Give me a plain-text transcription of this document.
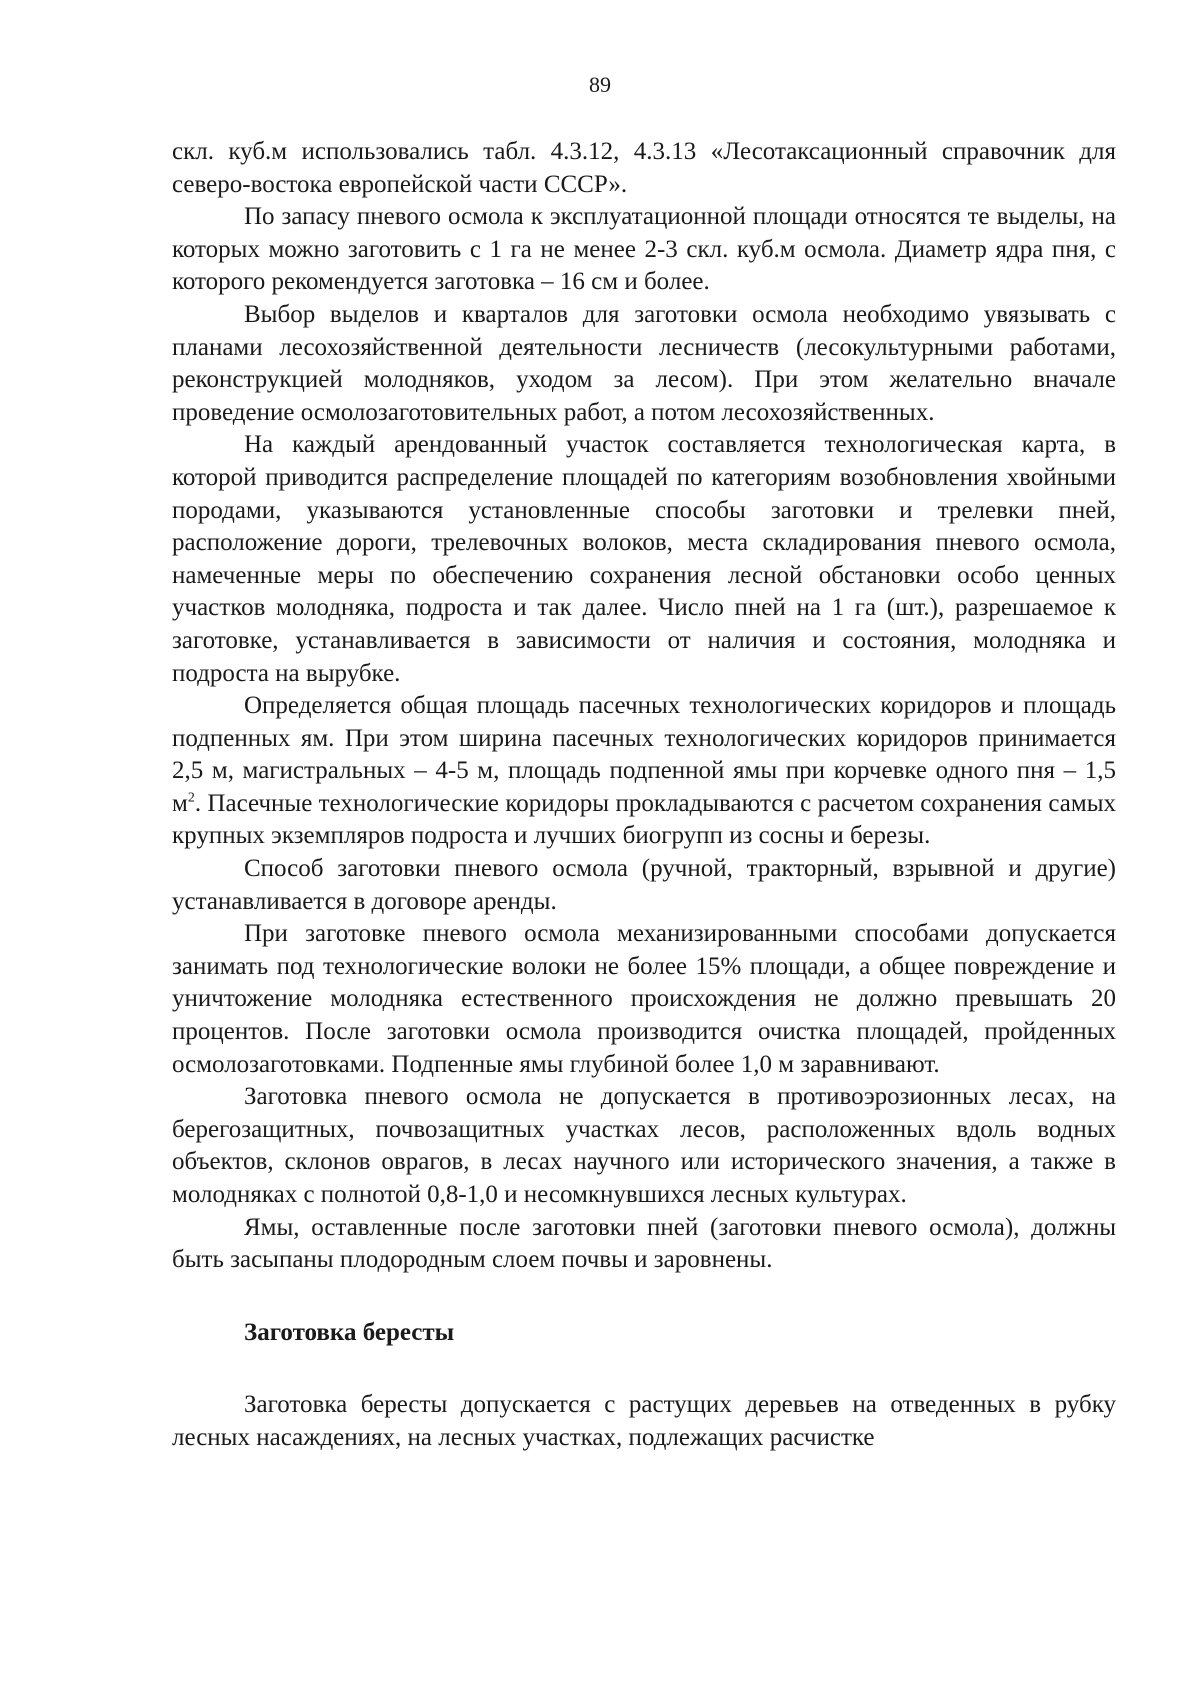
89

скл. куб.м использовались табл. 4.3.12, 4.3.13 «Лесотаксационный справочник для северо-востока европейской части СССР».

По запасу пневого осмола к эксплуатационной площади относятся те выделы, на которых можно заготовить с 1 га не менее 2-3 скл. куб.м осмола. Диаметр ядра пня, с которого рекомендуется заготовка – 16 см и более.

Выбор выделов и кварталов для заготовки осмола необходимо увязывать с планами лесохозяйственной деятельности лесничеств (лесокультурными работами, реконструкцией молодняков, уходом за лесом). При этом желательно вначале проведение осмолозаготовительных работ, а потом лесохозяйственных.

На каждый арендованный участок составляется технологическая карта, в которой приводится распределение площадей по категориям возобновления хвойными породами, указываются установленные способы заготовки и трелевки пней, расположение дороги, трелевочных волоков, места складирования пневого осмола, намеченные меры по обеспечению сохранения лесной обстановки особо ценных участков молодняка, подроста и так далее. Число пней на 1 га (шт.), разрешаемое к заготовке, устанавливается в зависимости от наличия и состояния, молодняка и подроста на вырубке.

Определяется общая площадь пасечных технологических коридоров и площадь подпенных ям. При этом ширина пасечных технологических коридоров принимается 2,5 м, магистральных – 4-5 м, площадь подпенной ямы при корчевке одного пня – 1,5 $м^2$. Пасечные технологические коридоры прокладываются с расчетом сохранения самых крупных экземпляров подроста и лучших биогрупп из сосны и березы.

Способ заготовки пневого осмола (ручной, тракторный, взрывной и другие) устанавливается в договоре аренды.

При заготовке пневого осмола механизированными способами допускается занимать под технологические волоки не более 15% площади, а общее повреждение и уничтожение молодняка естественного происхождения не должно превышать 20 процентов. После заготовки осмола производится очистка площадей, пройденных осмолозаготовками. Подпенные ямы глубиной более 1,0 м заравнивают.

Заготовка пневого осмола не допускается в противоэрозионных лесах, на берегозащитных, почвозащитных участках лесов, расположенных вдоль водных объектов, склонов оврагов, в лесах научного или исторического значения, а также в молодняках с полнотой 0,8-1,0 и несомкнувшихся лесных культурах.

Ямы, оставленные после заготовки пней (заготовки пневого осмола), должны быть засыпаны плодородным слоем почвы и заровнены.

Заготовка бересты

Заготовка бересты допускается с растущих деревьев на отведенных в рубку лесных насаждениях, на лесных участках, подлежащих расчистке
